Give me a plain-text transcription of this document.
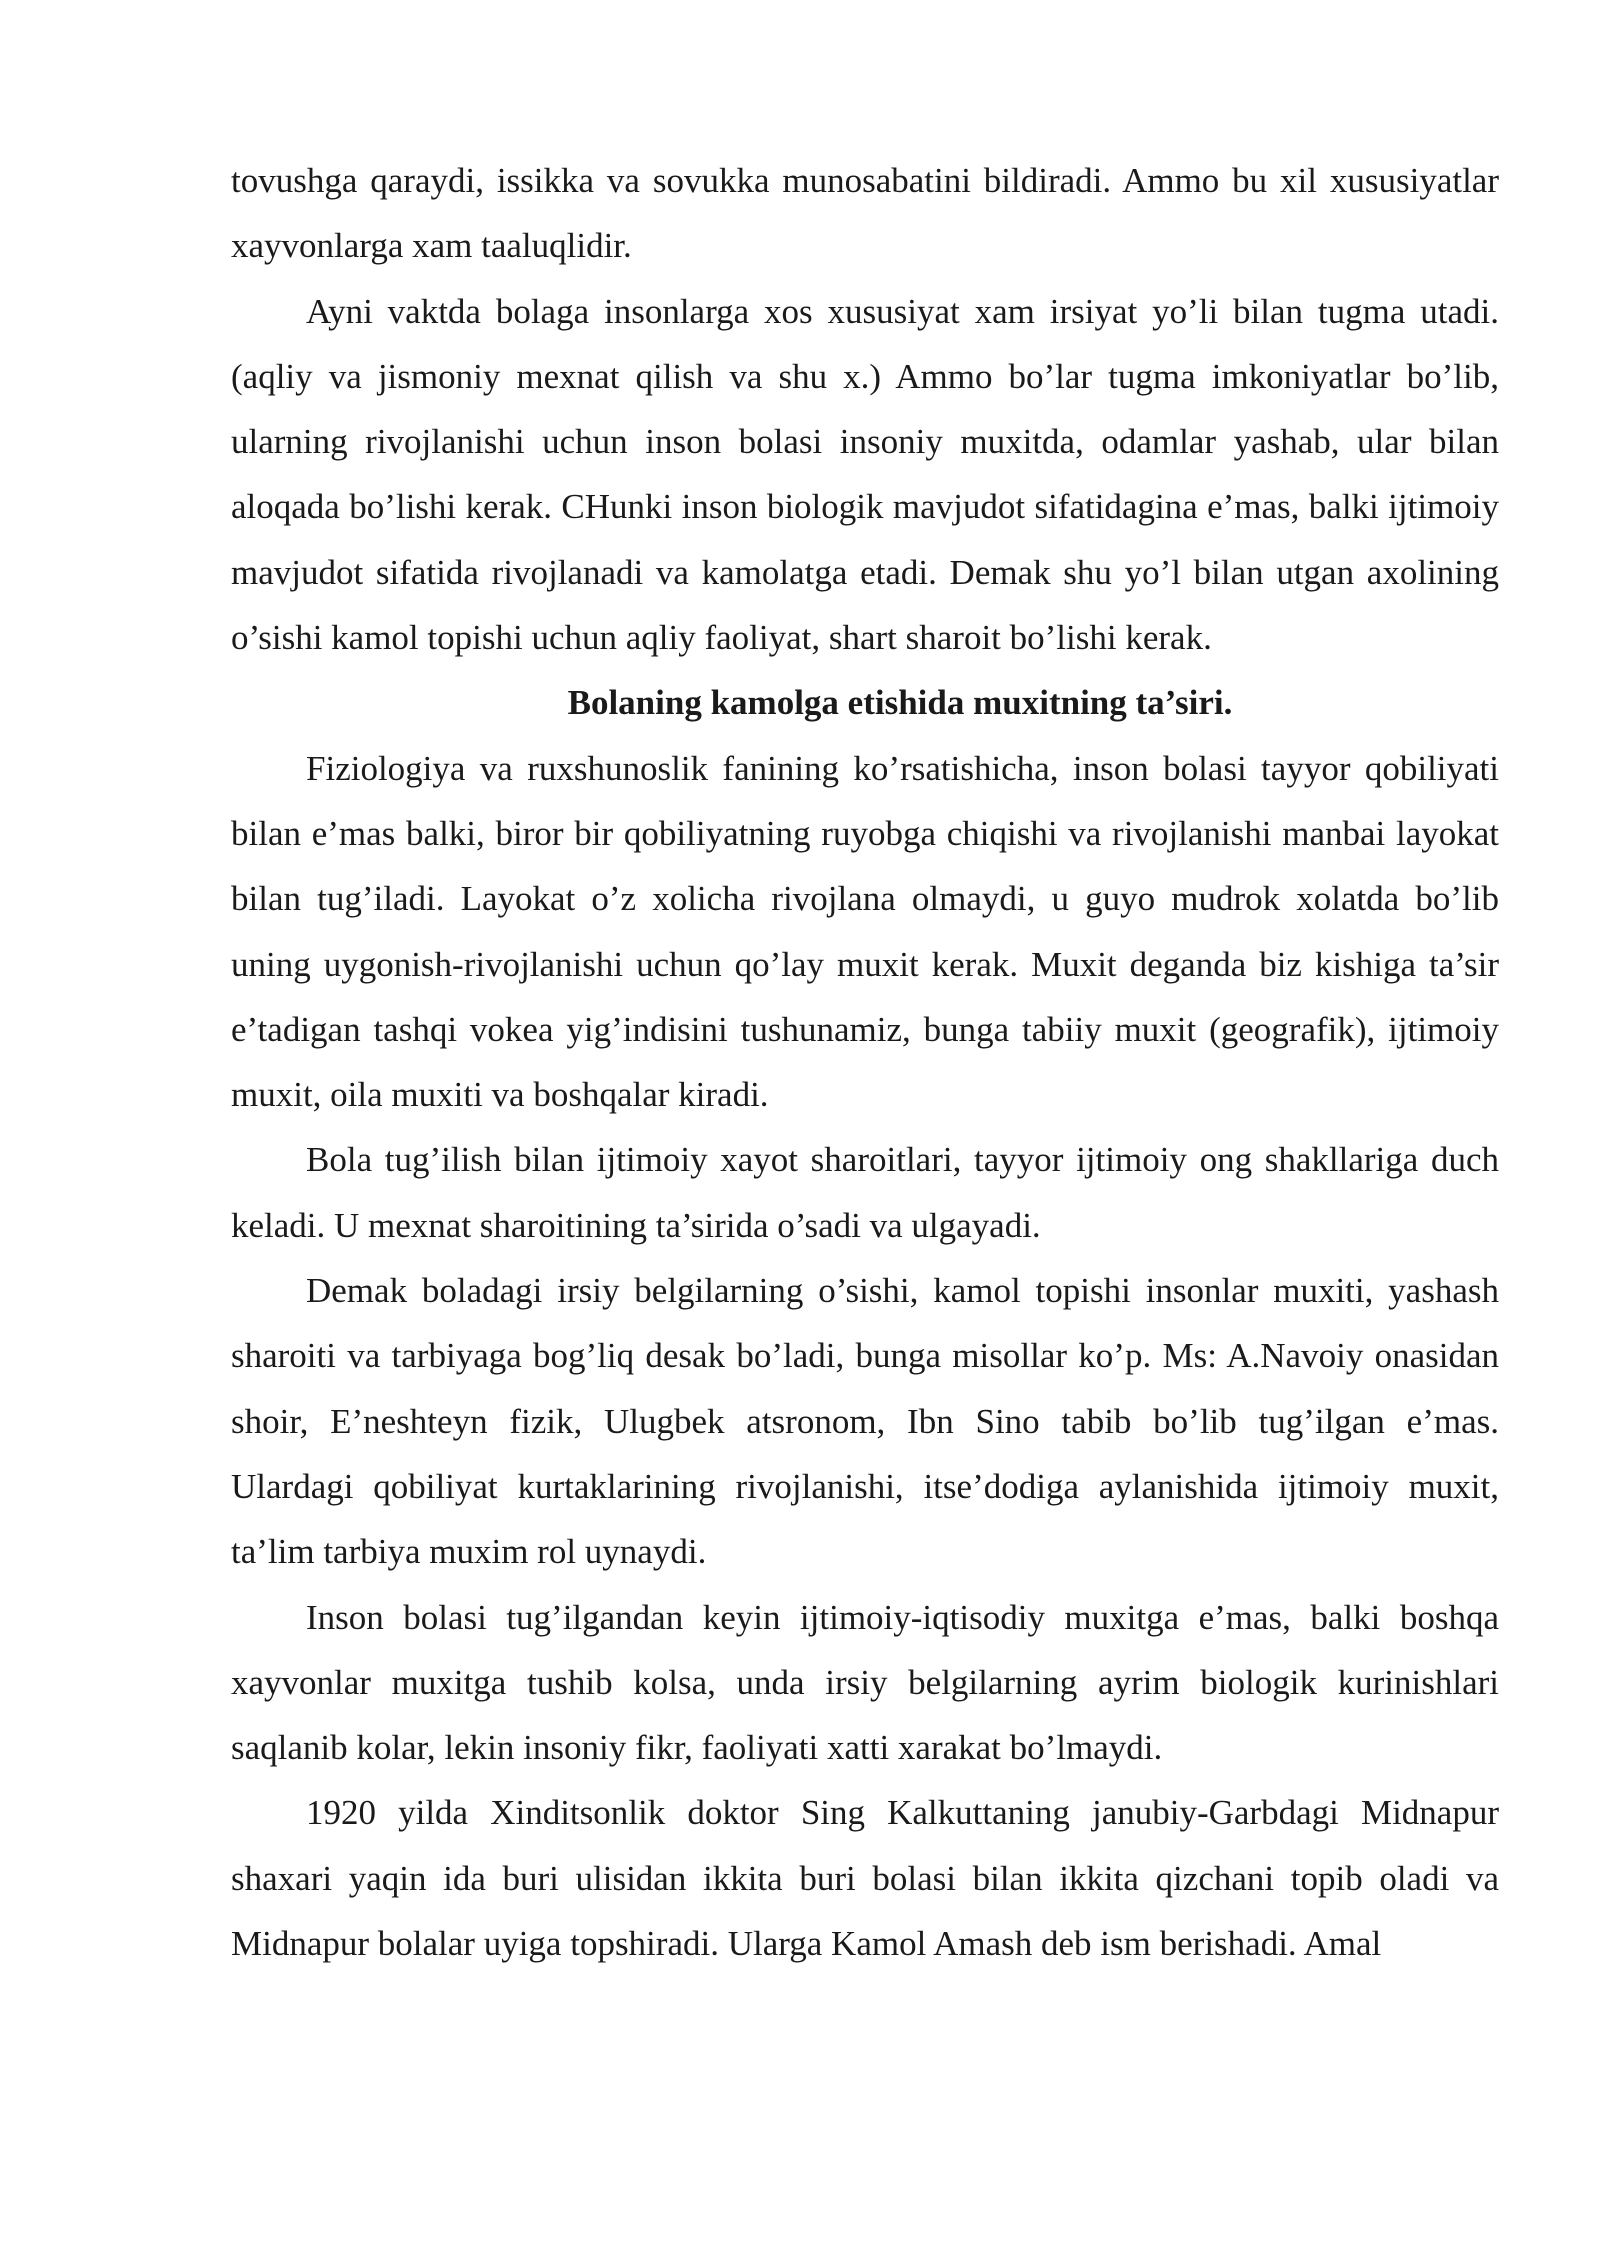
tovushga qaraydi, issikka va sovukka munosabatini bildiradi. Ammo bu xil xususiyatlar xayvonlarga xam taaluqlidir.

Ayni vaktda bolaga insonlarga xos xususiyat xam irsiyat yo’li bilan tugma utadi. (aqliy va jismoniy mexnat qilish va shu x.) Ammo bo’lar tugma imkoniyatlar bo’lib, ularning rivojlanishi uchun inson bolasi insoniy muxitda, odamlar yashab, ular bilan aloqada bo’lishi kerak. CHunki inson biologik mavjudot sifatidagina e’mas, balki ijtimoiy mavjudot sifatida rivojlanadi va kamolatga etadi. Demak shu yo’l bilan utgan axolining o’sishi kamol topishi uchun aqliy faoliyat, shart sharoit bo’lishi kerak.

Bolaning kamolga etishida muxitning ta’siri.

Fiziologiya va ruxshunoslik fanining ko’rsatishicha, inson bolasi tayyor qobiliyati bilan e’mas balki, biror bir qobiliyatning ruyobga chiqishi va rivojlanishi manbai layokat bilan tug’iladi. Layokat o’z xolicha rivojlana olmaydi, u guyo mudrok xolatda bo’lib uning uygonish-rivojlanishi uchun qo’lay muxit kerak. Muxit deganda biz kishiga ta’sir e’tadigan tashqi vokea yig’indisini tushunamiz, bunga tabiiy muxit (geografik), ijtimoiy muxit, oila muxiti va boshqalar kiradi.

Bola tug’ilish bilan ijtimoiy xayot sharoitlari, tayyor ijtimoiy ong shakllariga duch keladi. U mexnat sharoitining ta’sirida o’sadi va ulgayadi.

Demak boladagi irsiy belgilarning o’sishi, kamol topishi insonlar muxiti, yashash sharoiti va tarbiyaga bog’liq desak bo’ladi, bunga misollar ko’p. Ms: A.Navoiy onasidan shoir, E’neshteyn fizik, Ulugbek atsronom, Ibn Sino tabib bo’lib tug’ilgan e’mas. Ulardagi qobiliyat kurtaklarining rivojlanishi, itse’dodiga aylanishida ijtimoiy muxit, ta’lim tarbiya muxim rol uynaydi.

Inson bolasi tug’ilgandan keyin ijtimoiy-iqtisodiy muxitga e’mas, balki boshqa xayvonlar muxitga tushib kolsa, unda irsiy belgilarning ayrim biologik kurinishlari saqlanib kolar, lekin insoniy fikr, faoliyati xatti xarakat bo’lmaydi.

1920 yilda Xinditsonlik doktor Sing Kalkuttaning janubiy-Garbdagi Midnapur shaxari yaqin ida buri ulisidan ikkita buri bolasi bilan ikkita qizchani topib oladi va Midnapur bolalar uyiga topshiradi. Ularga Kamol Amash deb ism berishadi. Amal
